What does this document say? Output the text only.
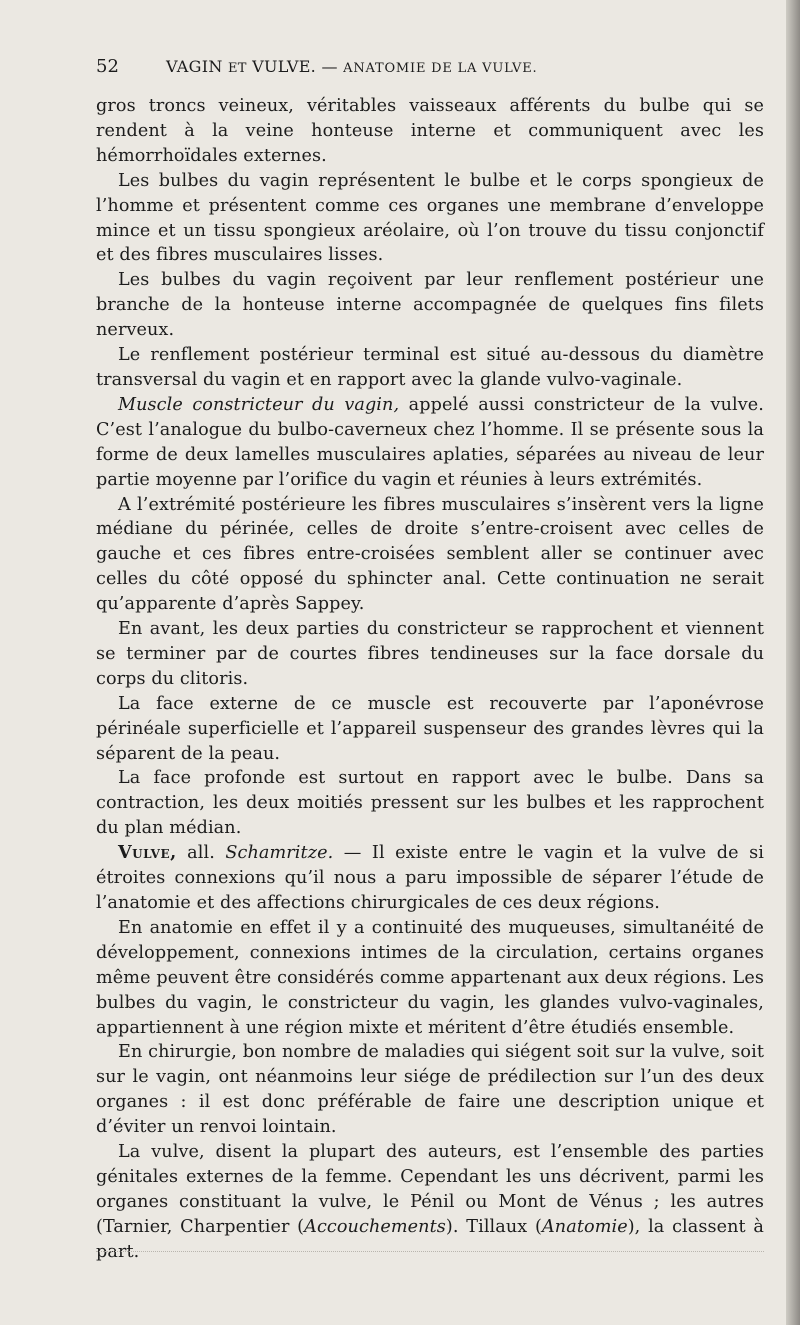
52	VAGIN ET VULVE. — ANATOMIE DE LA VULVE.

gros troncs veineux, véritables vaisseaux afférents du bulbe qui se rendent à la veine honteuse interne et communiquent avec les hémorrhoïdales externes.

Les bulbes du vagin représentent le bulbe et le corps spongieux de l’homme et présentent comme ces organes une membrane d’enveloppe mince et un tissu spongieux aréolaire, où l’on trouve du tissu conjonctif et des fibres musculaires lisses.

Les bulbes du vagin reçoivent par leur renflement postérieur une branche de la honteuse interne accompagnée de quelques fins filets nerveux.

Le renflement postérieur terminal est situé au-dessous du diamètre transversal du vagin et en rapport avec la glande vulvo-vaginale.

Muscle constricteur du vagin, appelé aussi constricteur de la vulve. C’est l’analogue du bulbo-caverneux chez l’homme. Il se présente sous la forme de deux lamelles musculaires aplaties, séparées au niveau de leur partie moyenne par l’orifice du vagin et réunies à leurs extrémités.

A l’extrémité postérieure les fibres musculaires s’insèrent vers la ligne médiane du périnée, celles de droite s’entre-croisent avec celles de gauche et ces fibres entre-croisées semblent aller se continuer avec celles du côté opposé du sphincter anal. Cette continuation ne serait qu’apparente d’après Sappey.

En avant, les deux parties du constricteur se rapprochent et viennent se terminer par de courtes fibres tendineuses sur la face dorsale du corps du clitoris.

La face externe de ce muscle est recouverte par l’aponévrose périnéale superficielle et l’appareil suspenseur des grandes lèvres qui la séparent de la peau.

La face profonde est surtout en rapport avec le bulbe. Dans sa contraction, les deux moitiés pressent sur les bulbes et les rapprochent du plan médian.

Vulve, all. Schamritze. — Il existe entre le vagin et la vulve de si étroites connexions qu’il nous a paru impossible de séparer l’étude de l’anatomie et des affections chirurgicales de ces deux régions.

En anatomie en effet il y a continuité des muqueuses, simultanéité de développement, connexions intimes de la circulation, certains organes même peuvent être considérés comme appartenant aux deux régions. Les bulbes du vagin, le constricteur du vagin, les glandes vulvo-vaginales, appartiennent à une région mixte et méritent d’être étudiés ensemble.

En chirurgie, bon nombre de maladies qui siégent soit sur la vulve, soit sur le vagin, ont néanmoins leur siége de prédilection sur l’un des deux organes : il est donc préférable de faire une description unique et d’éviter un renvoi lointain.

La vulve, disent la plupart des auteurs, est l’ensemble des parties génitales externes de la femme. Cependant les uns décrivent, parmi les organes constituant la vulve, le Pénil ou Mont de Vénus ; les autres (Tarnier, Charpentier (Accouchements). Tillaux (Anatomie), la classent à part.
